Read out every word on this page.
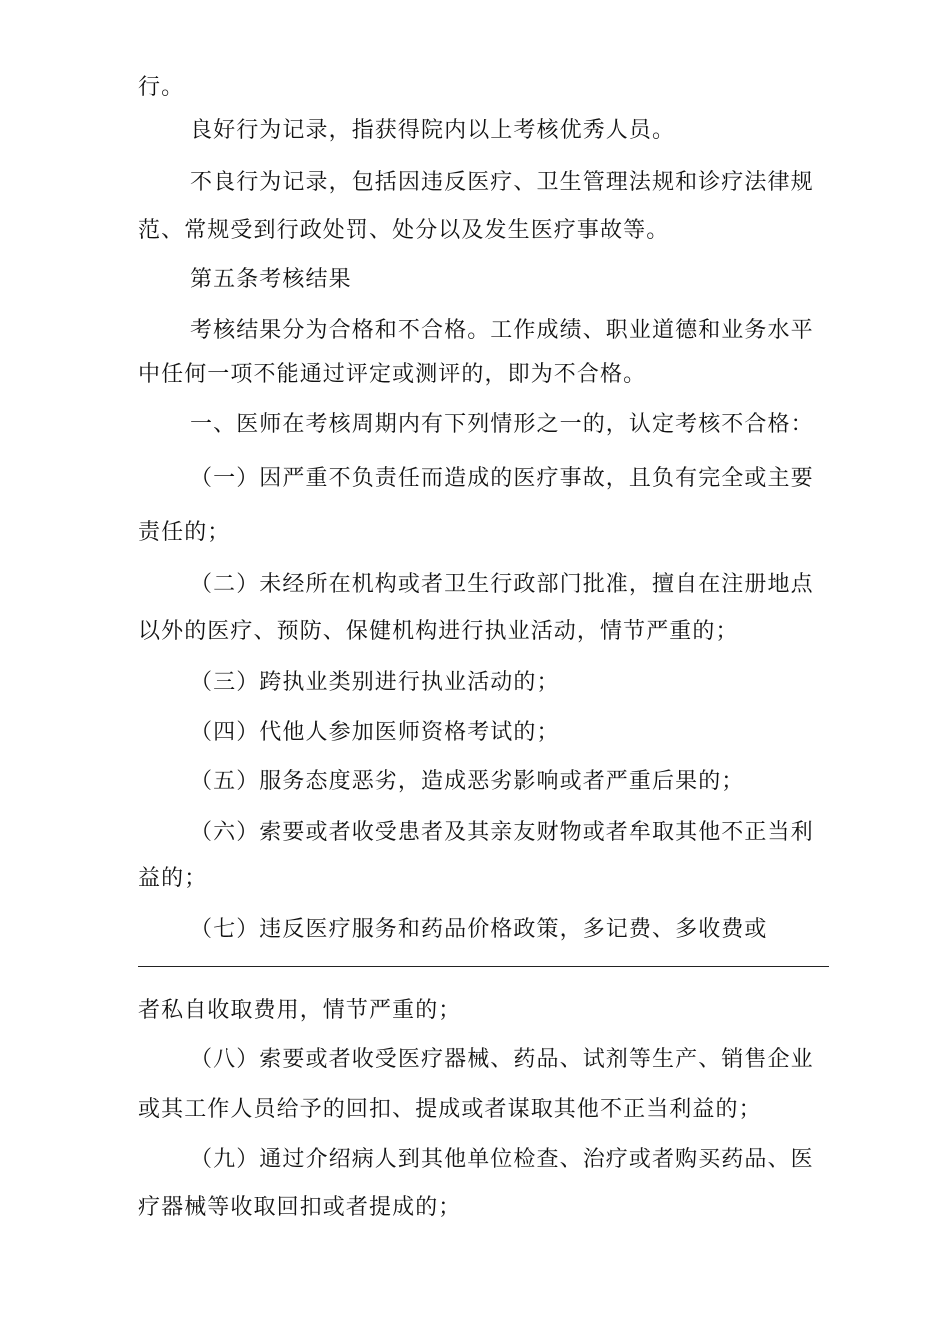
行。
良好行为记录，指获得院内以上考核优秀人员。
不良行为记录，包括因违反医疗、卫生管理法规和诊疗法律规
范、常规受到行政处罚、处分以及发生医疗事故等。
第五条考核结果
考核结果分为合格和不合格。工作成绩、职业道德和业务水平
中任何一项不能通过评定或测评的，即为不合格。
一、医师在考核周期内有下列情形之一的，认定考核不合格：
（一）因严重不负责任而造成的医疗事故，且负有完全或主要
责任的；
（二）未经所在机构或者卫生行政部门批准，擅自在注册地点
以外的医疗、预防、保健机构进行执业活动，情节严重的；
（三）跨执业类别进行执业活动的；
（四）代他人参加医师资格考试的；
（五）服务态度恶劣，造成恶劣影响或者严重后果的；
（六）索要或者收受患者及其亲友财物或者牟取其他不正当利
益的；
（七）违反医疗服务和药品价格政策，多记费、多收费或
者私自收取费用，情节严重的；
（八）索要或者收受医疗器械、药品、试剂等生产、销售企业
或其工作人员给予的回扣、提成或者谋取其他不正当利益的；
（九）通过介绍病人到其他单位检查、治疗或者购买药品、医
疗器械等收取回扣或者提成的；
